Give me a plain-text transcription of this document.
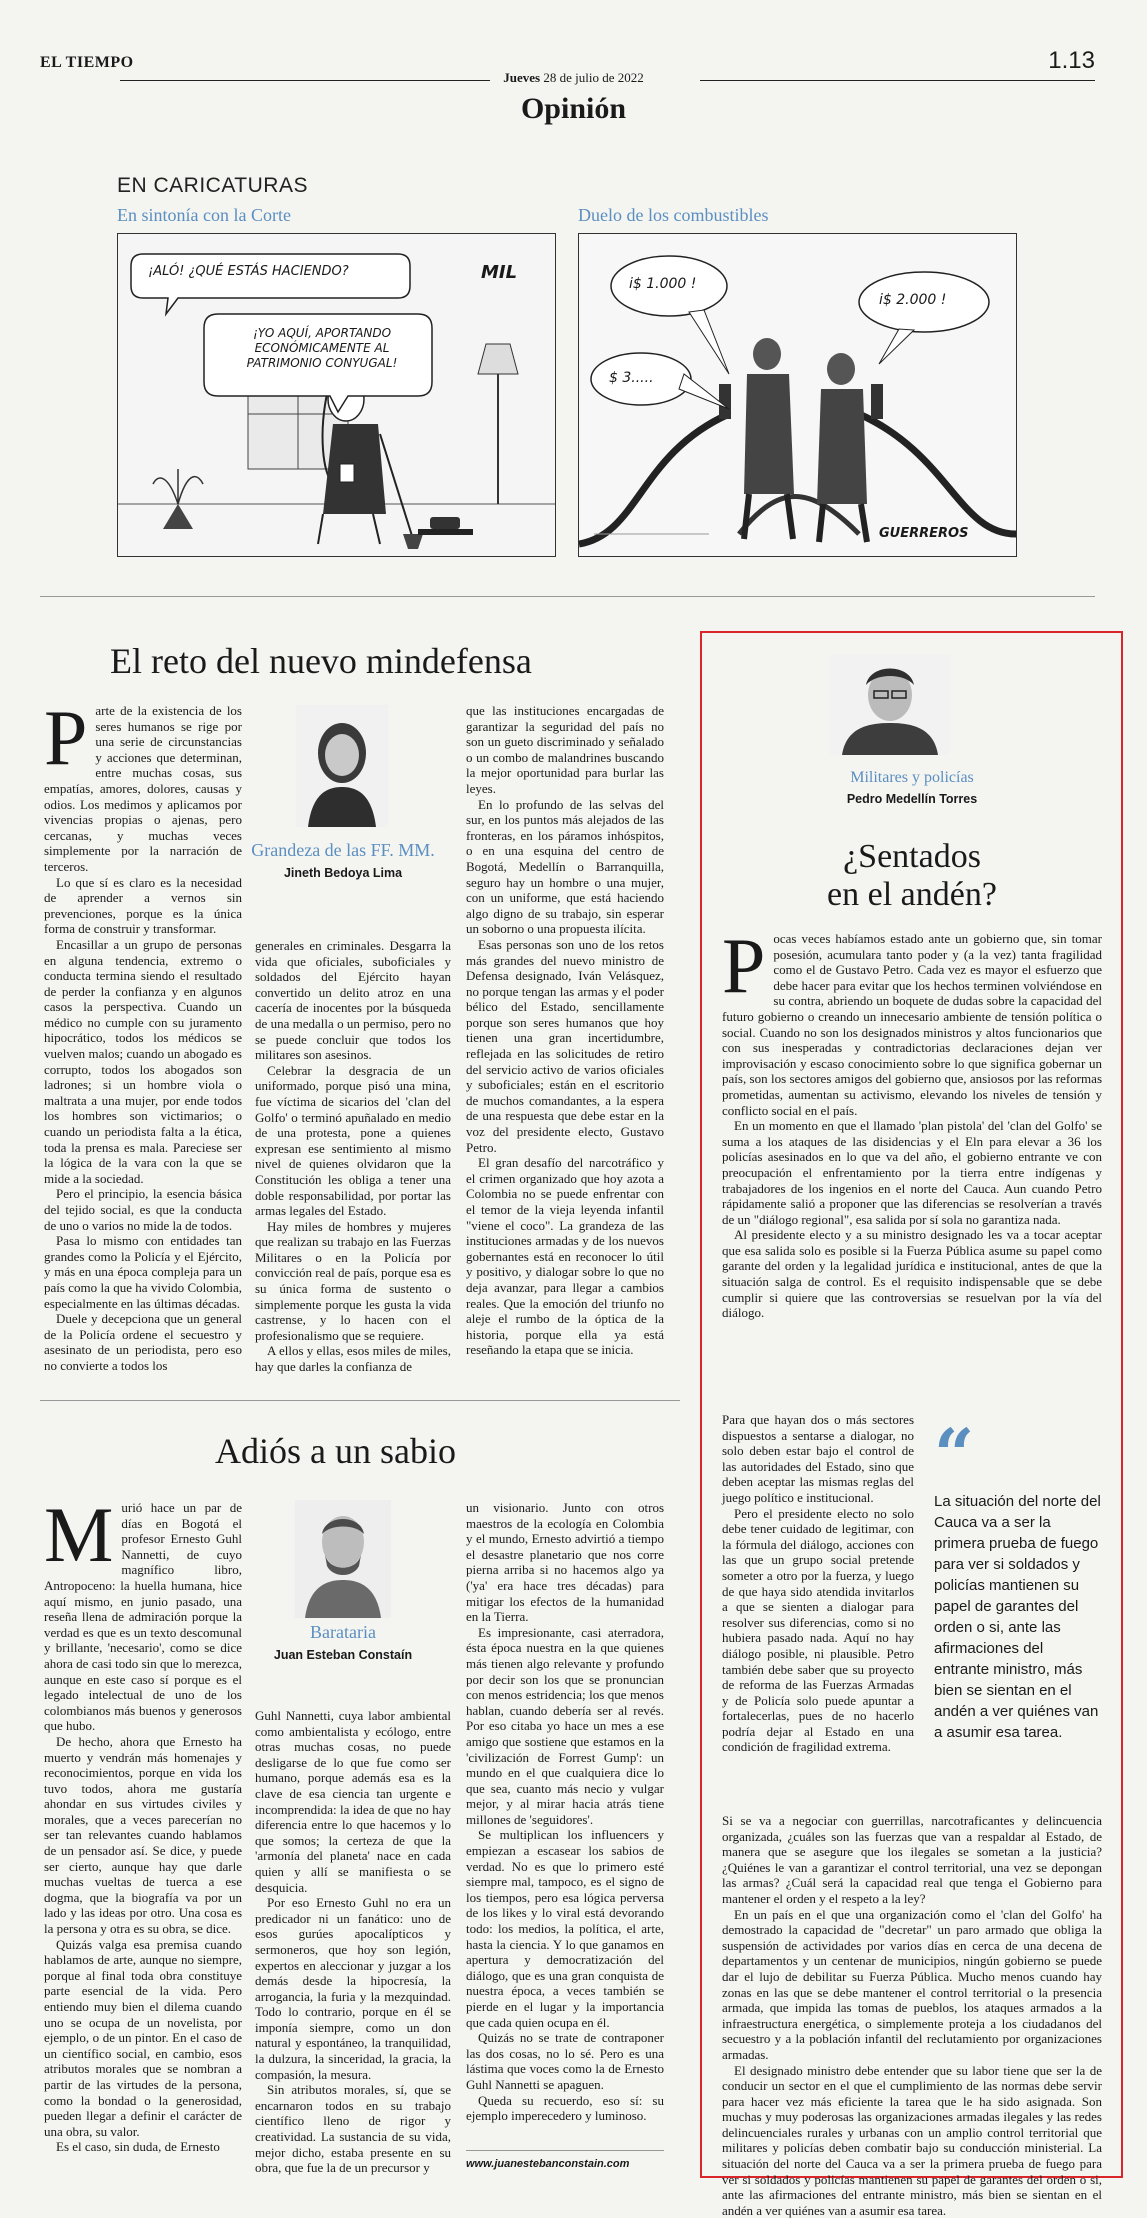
EL TIEMPO	1.13
Jueves 28 de julio de 2022
Opinión
EN CARICATURAS
En sintonía con la Corte	Duelo de los combustibles
¡ALÓ! ¿QUÉ ESTÁS HACIENDO?
¡YO AQUÍ, APORTANDO ECONÓMICAMENTE AL PATRIMONIO CONYUGAL!
MIL
i$ 1.000 !
i$ 2.000 !
$ 3.....
GUERREROS
El reto del nuevo mindefensa

Parte de la existencia de los seres humanos se rige por una serie de circunstancias y acciones que determinan, entre muchas cosas, sus empatías, amores, dolores, causas y odios. Los medimos y aplicamos por vivencias propias o ajenas, pero cercanas, y muchas veces simplemente por la narración de terceros.

Lo que sí es claro es la necesidad de aprender a vernos sin prevenciones, porque es la única forma de construir y transformar.

Encasillar a un grupo de personas en alguna tendencia, extremo o conducta termina siendo el resultado de perder la confianza y en algunos casos la perspectiva. Cuando un médico no cumple con su juramento hipocrático, todos los médicos se vuelven malos; cuando un abogado es corrupto, todos los abogados son ladrones; si un hombre viola o maltrata a una mujer, por ende todos los hombres son victimarios; o cuando un periodista falta a la ética, toda la prensa es mala. Pareciese ser la lógica de la vara con la que se mide a la sociedad.

Pero el principio, la esencia básica del tejido social, es que la conducta de uno o varios no mide la de todos.

Pasa lo mismo con entidades tan grandes como la Policía y el Ejército, y más en una época compleja para un país como la que ha vivido Colombia, especialmente en las últimas décadas.

Duele y decepciona que un general de la Policía ordene el secuestro y asesinato de un periodista, pero eso no convierte a todos los

Grandeza de las FF. MM.
Jineth Bedoya Lima

generales en criminales. Desgarra la vida que oficiales, suboficiales y soldados del Ejército hayan convertido un delito atroz en una cacería de inocentes por la búsqueda de una medalla o un permiso, pero no se puede concluir que todos los militares son asesinos.

Celebrar la desgracia de un uniformado, porque pisó una mina, fue víctima de sicarios del 'clan del Golfo' o terminó apuñalado en medio de una protesta, pone a quienes expresan ese sentimiento al mismo nivel de quienes olvidaron que la Constitución les obliga a tener una doble responsabilidad, por portar las armas legales del Estado.

Hay miles de hombres y mujeres que realizan su trabajo en las Fuerzas Militares o en la Policía por convicción real de país, porque esa es su única forma de sustento o simplemente porque les gusta la vida castrense, y lo hacen con el profesionalismo que se requiere.

A ellos y ellas, esos miles de miles, hay que darles la confianza de

que las instituciones encargadas de garantizar la seguridad del país no son un gueto discriminado y señalado o un combo de malandrines buscando la mejor oportunidad para burlar las leyes.

En lo profundo de las selvas del sur, en los puntos más alejados de las fronteras, en los páramos inhóspitos, o en una esquina del centro de Bogotá, Medellín o Barranquilla, seguro hay un hombre o una mujer, con un uniforme, que está haciendo algo digno de su trabajo, sin esperar un soborno o una propuesta ilícita.

Esas personas son uno de los retos más grandes del nuevo ministro de Defensa designado, Iván Velásquez, no porque tengan las armas y el poder bélico del Estado, sencillamente porque son seres humanos que hoy tienen una gran incertidumbre, reflejada en las solicitudes de retiro del servicio activo de varios oficiales y suboficiales; están en el escritorio de muchos comandantes, a la espera de una respuesta que debe estar en la voz del presidente electo, Gustavo Petro.

El gran desafío del narcotráfico y el crimen organizado que hoy azota a Colombia no se puede enfrentar con el temor de la vieja leyenda infantil "viene el coco". La grandeza de las instituciones armadas y de los nuevos gobernantes está en reconocer lo útil y positivo, y dialogar sobre lo que no deja avanzar, para llegar a cambios reales. Que la emoción del triunfo no aleje el rumbo de la óptica de la historia, porque ella ya está reseñando la etapa que se inicia.

Adiós a un sabio

Murió hace un par de días en Bogotá el profesor Ernesto Guhl Nannetti, de cuyo magnífico libro, Antropoceno: la huella humana, hice aquí mismo, en junio pasado, una reseña llena de admiración porque la verdad es que es un texto descomunal y brillante, 'necesario', como se dice ahora de casi todo sin que lo merezca, aunque en este caso sí porque es el legado intelectual de uno de los colombianos más buenos y generosos que hubo.

De hecho, ahora que Ernesto ha muerto y vendrán más homenajes y reconocimientos, porque en vida los tuvo todos, ahora me gustaría ahondar en sus virtudes civiles y morales, que a veces parecerían no ser tan relevantes cuando hablamos de un pensador así. Se dice, y puede ser cierto, aunque hay que darle muchas vueltas de tuerca a ese dogma, que la biografía va por un lado y las ideas por otro. Una cosa es la persona y otra es su obra, se dice.

Quizás valga esa premisa cuando hablamos de arte, aunque no siempre, porque al final toda obra constituye parte esencial de la vida. Pero entiendo muy bien el dilema cuando uno se ocupa de un novelista, por ejemplo, o de un pintor. En el caso de un científico social, en cambio, esos atributos morales que se nombran a partir de las virtudes de la persona, como la bondad o la generosidad, pueden llegar a definir el carácter de una obra, su valor.

Es el caso, sin duda, de Ernesto

Barataria
Juan Esteban Constaín

Guhl Nannetti, cuya labor ambiental como ambientalista y ecólogo, entre otras muchas cosas, no puede desligarse de lo que fue como ser humano, porque además esa es la clave de esa ciencia tan urgente e incomprendida: la idea de que no hay diferencia entre lo que hacemos y lo que somos; la certeza de que la 'armonía del planeta' nace en cada quien y allí se manifiesta o se desquicia.

Por eso Ernesto Guhl no era un predicador ni un fanático: uno de esos gurúes apocalípticos y sermoneros, que hoy son legión, expertos en aleccionar y juzgar a los demás desde la hipocresía, la arrogancia, la furia y la mezquindad. Todo lo contrario, porque en él se imponía siempre, como un don natural y espontáneo, la tranquilidad, la dulzura, la sinceridad, la gracia, la compasión, la mesura.

Sin atributos morales, sí, que se encarnaron todos en su trabajo científico lleno de rigor y creatividad. La sustancia de su vida, mejor dicho, estaba presente en su obra, que fue la de un precursor y

un visionario. Junto con otros maestros de la ecología en Colombia y el mundo, Ernesto advirtió a tiempo el desastre planetario que nos corre pierna arriba si no hacemos algo ya ('ya' era hace tres décadas) para mitigar los efectos de la humanidad en la Tierra.

Es impresionante, casi aterradora, ésta época nuestra en la que quienes más tienen algo relevante y profundo por decir son los que se pronuncian con menos estridencia; los que menos hablan, cuando debería ser al revés. Por eso citaba yo hace un mes a ese amigo que sostiene que estamos en la 'civilización de Forrest Gump': un mundo en el que cualquiera dice lo que sea, cuanto más necio y vulgar mejor, y al mirar hacia atrás tiene millones de 'seguidores'.

Se multiplican los influencers y empiezan a escasear los sabios de verdad. No es que lo primero esté siempre mal, tampoco, es el signo de los tiempos, pero esa lógica perversa de los likes y lo viral está devorando todo: los medios, la política, el arte, hasta la ciencia. Y lo que ganamos en apertura y democratización del diálogo, que es una gran conquista de nuestra época, a veces también se pierde en el lugar y la importancia que cada quien ocupa en él.

Quizás no se trate de contraponer las dos cosas, no lo sé. Pero es una lástima que voces como la de Ernesto Guhl Nannetti se apaguen.

Queda su recuerdo, eso sí: su ejemplo imperecedero y luminoso.

www.juanestebanconstain.com
Militares y policías
Pedro Medellín Torres
¿Sentados
en el andén?

Pocas veces habíamos estado ante un gobierno que, sin tomar posesión, acumulara tanto poder y (a la vez) tanta fragilidad como el de Gustavo Petro. Cada vez es mayor el esfuerzo que debe hacer para evitar que los hechos terminen volviéndose en su contra, abriendo un boquete de dudas sobre la capacidad del futuro gobierno o creando un innecesario ambiente de tensión política o social. Cuando no son los designados ministros y altos funcionarios que con sus inesperadas y contradictorias declaraciones dejan ver improvisación y escaso conocimiento sobre lo que significa gobernar un país, son los sectores amigos del gobierno que, ansiosos por las reformas prometidas, aumentan su activismo, elevando los niveles de tensión y conflicto social en el país.

En un momento en que el llamado 'plan pistola' del 'clan del Golfo' se suma a los ataques de las disidencias y el Eln para elevar a 36 los policías asesinados en lo que va del año, el gobierno entrante ve con preocupación el enfrentamiento por la tierra entre indígenas y trabajadores de los ingenios en el norte del Cauca. Aun cuando Petro rápidamente salió a proponer que las diferencias se resolverían a través de un "diálogo regional", esa salida por sí sola no garantiza nada.

Al presidente electo y a su ministro designado les va a tocar aceptar que esa salida solo es posible si la Fuerza Pública asume su papel como garante del orden y la legalidad jurídica e institucional, antes de que la situación salga de control. Es el requisito indispensable que se debe cumplir si quiere que las controversias se resuelvan por la vía del diálogo.

Para que hayan dos o más sectores dispuestos a sentarse a dialogar, no solo deben estar bajo el control de las autoridades del Estado, sino que deben aceptar las mismas reglas del juego político e institucional.

Pero el presidente electo no solo debe tener cuidado de legitimar, con la fórmula del diálogo, acciones con las que un grupo social pretende someter a otro por la fuerza, y luego de que haya sido atendida invitarlos a que se sienten a dialogar para resolver sus diferencias, como si no hubiera pasado nada. Aquí no hay diálogo posible, ni plausible. Petro también debe saber que su proyecto de reforma de las Fuerzas Armadas y de Policía solo puede apuntar a fortalecerlas, pues de no hacerlo podría dejar al Estado en una condición de fragilidad extrema.

“
La situación del norte del Cauca va a ser la primera prueba de fuego para ver si soldados y policías mantienen su papel de garantes del orden o si, ante las afirmaciones del entrante ministro, más bien se sientan en el andén a ver quiénes van a asumir esa tarea.

Si se va a negociar con guerrillas, narcotraficantes y delincuencia organizada, ¿cuáles son las fuerzas que van a respaldar al Estado, de manera que se asegure que los ilegales se sometan a la justicia? ¿Quiénes le van a garantizar el control territorial, una vez se depongan las armas? ¿Cuál será la capacidad real que tenga el Gobierno para mantener el orden y el respeto a la ley?

En un país en el que una organización como el 'clan del Golfo' ha demostrado la capacidad de "decretar" un paro armado que obliga la suspensión de actividades por varios días en cerca de una decena de departamentos y un centenar de municipios, ningún gobierno se puede dar el lujo de debilitar su Fuerza Pública. Mucho menos cuando hay zonas en las que se debe mantener el control territorial o la presencia armada, que impida las tomas de pueblos, los ataques armados a la infraestructura energética, o simplemente proteja a los ciudadanos del secuestro y a la población infantil del reclutamiento por organizaciones armadas.

El designado ministro debe entender que su labor tiene que ser la de conducir un sector en el que el cumplimiento de las normas debe servir para hacer vez más eficiente la tarea que le ha sido asignada. Son muchas y muy poderosas las organizaciones armadas ilegales y las redes delincuenciales rurales y urbanas con un amplio control territorial que militares y policías deben combatir bajo su conducción ministerial. La situación del norte del Cauca va a ser la primera prueba de fuego para ver si soldados y policías mantienen su papel de garantes del orden o si, ante las afirmaciones del entrante ministro, más bien se sientan en el andén a ver quiénes van a asumir esa tarea.
